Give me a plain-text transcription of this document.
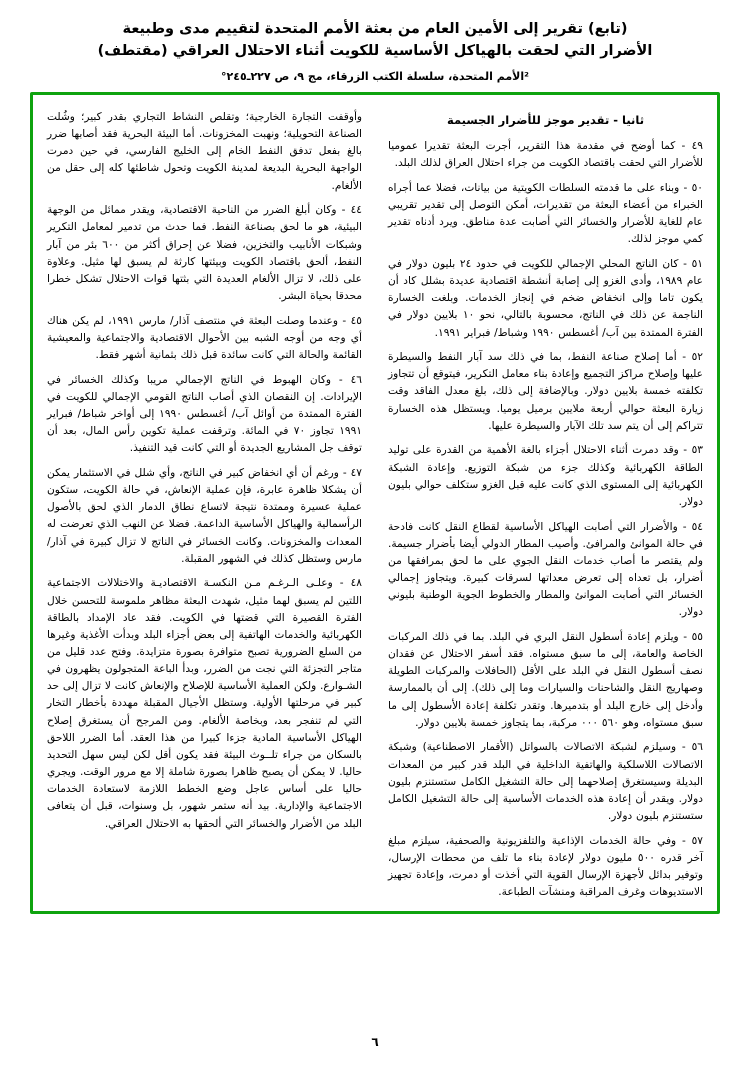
(تابع) تقرير إلى الأمين العام من بعثة الأمم المتحدة لتقييم مدى وطبيعة
الأضرار التي لحقت بالهياكل الأساسية للكويت أثناء الاحتلال العراقي (مقتطف)
²الأمم المتحدة، سلسلة الكتب الزرقاء، مج ٩، ص ٢٢٧ـ٢٤٥°
ثانيا - تقدير موجز للأضرار الجسيمة

٤٩ - كما أوضح في مقدمة هذا التقرير، أجرت البعثة تقديرا عموميا للأضرار التي لحقت باقتصاد الكويت من جراء احتلال العراق لذلك البلد.

٥٠ - وبناء على ما قدمته السلطات الكويتية من بيانات، فضلا عما أجراه الخبراء من أعضاء البعثة من تقديرات، أمكن التوصل إلى تقدير تقريبي عام للغاية للأضرار والخسائر التي أصابت عدة مناطق. ويرد أدناه تقدير كمي موجز لذلك.

٥١ - كان الناتج المحلي الإجمالي للكويت في حدود ٢٤ بليون دولار في عام ١٩٨٩، وأدى الغزو إلى إصابة أنشطة اقتصادية عديدة بشلل كاد أن يكون تاما وإلى انخفاض ضخم في إنجاز الخدمات. وبلغت الخسارة الناجمة عن ذلك في الناتج، محسوبة بالتالي، نحو ١٠ بلايين دولار في الفترة الممتدة بين آب/ أغسطس ١٩٩٠ وشباط/ فبراير ١٩٩١.

٥٢ - أما إصلاح صناعة النفط، بما في ذلك سد آبار النفط والسيطرة عليها وإصلاح مراكز التجميع وإعادة بناء معامل التكرير، فيتوقع أن تتجاوز تكلفته خمسة بلايين دولار. وبالإضافة إلى ذلك، بلغ معدل الفاقد وقت زيارة البعثة حوالي أربعة ملايين برميل يوميا. ويستظل هذه الخسارة تتراكم إلى أن يتم سد تلك الآبار والسيطرة عليها.

٥٣ - وقد دمرت أثناء الاحتلال أجزاء بالغة الأهمية من القدرة على توليد الطاقة الكهربائية وكذلك جزء من شبكة التوزيع. وإعادة الشبكة الكهربائية إلى المستوى الذي كانت عليه قبل الغزو ستكلف حوالي بليون دولار.

٥٤ - والأضرار التي أصابت الهياكل الأساسية لقطاع النقل كانت فادحة في حالة الموانئ والمرافئ. وأصيب المطار الدولي أيضا بأضرار جسيمة. ولم يقتصر ما أصاب خدمات النقل الجوي على ما لحق بمرافقها من أضرار، بل تعداه إلى تعرض معداتها لسرقات كبيرة. ويتجاوز إجمالي الخسائر التي أصابت الموانئ والمطار والخطوط الجوية الوطنية بليوني دولار.

٥٥ - ويلزم إعادة أسطول النقل البري في البلد. بما في ذلك المركبات الخاصة والعامة، إلى ما سبق مستواه. فقد أسفر الاحتلال عن فقدان نصف أسطول النقل في البلد على الأقل (الحافلات والمركبات الطويلة وصهاريج النقل والشاحنات والسيارات وما إلى ذلك). إلى أن بالممارسة وأدخل إلى خارج البلد أو بتدميرها. وتقدر تكلفة إعادة الأسطول إلى ما سبق مستواه، وهو ٥٦٠ ٠٠٠ مركبة، بما يتجاوز خمسة بلايين دولار.

٥٦ - وسيلزم لشبكة الاتصالات بالسواتل (الأقمار الاصطناعية) وشبكة الاتصالات اللاسلكية والهاتفية الداخلية في البلد قدر كبير من المعدات البديلة وسيستغرق إصلاحهما إلى حالة التشغيل الكامل ستستنزم بليون دولار. ويقدر أن إعادة هذه الخدمات الأساسية إلى حالة التشغيل الكامل ستستنزم بليون دولار.

٥٧ - وفي حالة الخدمات الإذاعية والتلفزيونية والصحفية، سيلزم مبلغ آخر قدره ٥٠٠ مليون دولار لإعادة بناء ما تلف من محطات الإرسال، وتوفير بدائل لأجهزة الإرسال القوية التي أخذت أو دمرت، وإعادة تجهيز الاستديوهات وغرف المراقبة ومنشآت الطباعة.

وأوقفت التجارة الخارجية؛ وتقلص النشاط التجاري بقدر كبير؛ وشُلت الصناعة التحويلية؛ ونهبت المخزونات. أما البيئة البحرية فقد أصابها ضرر بالغ بفعل تدفق النفط الخام إلى الخليج الفارسي، في حين دمرت الواجهة البحرية البديعة لمدينة الكويت وتحول شاطئها كله إلى حقل من الألغام.

٤٤ - وكان أبلغ الضرر من الناحية الاقتصادية، ويقدر ممائل من الوجهة البيئية، هو ما لحق بصناعة النفط. فما حدث من تدمير لمعامل التكرير وشبكات الأنابيب والتخزين، فضلا عن إحراق أكثر من ٦٠٠ بئر من آبار النفط، ألحق باقتصاد الكويت وبيئتها كارثة لم يسبق لها مثيل. وعلاوة على ذلك، لا تزال الألغام العديدة التي بثتها قوات الاحتلال تشكل خطرا محدقا بحياة البشر.

٤٥ - وعندما وصلت البعثة في منتصف آذار/ مارس ١٩٩١، لم يكن هناك أي وجه من أوجه الشبه بين الأحوال الاقتصادية والاجتماعية والمعيشية القائمة والحالة التي كانت سائدة قبل ذلك بثمانية أشهر فقط.

٤٦ - وكان الهبوط في الناتج الإجمالي مريبا وكذلك الخسائر في الإيرادات. إن النقصان الذي أصاب الناتج القومي الإجمالي للكويت في الفترة الممتدة من أوائل آب/ أغسطس ١٩٩٠ إلى أواخر شباط/ فبراير ١٩٩١ تجاوز ٧٠ في المائة. وترقفت عملية تكوين رأس المال، بعد أن توقف جل المشاريع الجديدة أو التي كانت قيد التنفيذ.

٤٧ - ورغم أن أي انخفاض كبير في الناتج، وأي شلل في الاستثمار يمكن أن يشكلا ظاهرة عابرة، فإن عملية الإنعاش، في حالة الكويت، ستكون عملية عسيرة وممتدة نتيجة لاتساع نطاق الدمار الذي لحق بالأصول الرأسمالية والهياكل الأساسية الداعمة. فضلا عن النهب الذي تعرضت له المعدات والمخزونات. وكانت الخسائر في الناتج لا تزال كبيرة في آذار/ مارس وستظل كذلك في الشهور المقبلة.

٤٨ - وعلـى الـرغـم مـن النكسـة الاقتصاديـة والاختلالات الاجتماعية اللتين لم يسبق لهما مثيل، شهدت البعثة مظاهر ملموسة للتحسن خلال الفترة القصيرة التي قضتها في الكويت. فقد عاد الإمداد بالطاقة الكهربائية والخدمات الهاتفية إلى بعض أجزاء البلد وبدأت الأغذية وغيرها من السلع الضرورية تصبح متوافرة بصورة متزايدة. وفتح عدد قليل من متاجر التجزئة التي نجت من الضرر، وبدأ الباعة المتجولون يظهرون في الشـوارع. ولكن العملية الأساسية للإصلاح والإنعاش كانت لا تزال إلى حد كبير في مرحلتها الأولية. وستظل الأجيال المقبلة مهددة بأخطار التخار التي لم تنفجر بعد، وبخاصة الألغام. ومن المرجح أن يستغرق إصلاح الهياكل الأساسية المادية جزءا كبيرا من هذا العقد. أما الضرر اللاحق بالسكان من جراء تلــوث البيئة فقد يكون أقل لكن ليس سهل التحديد حاليا. لا يمكن أن يصبح ظاهرا بصورة شاملة إلا مع مرور الوقت. ويجري حاليا على أساس عاجل وضع الخطط اللازمة لاستعادة الخدمات الاجتماعية والإدارية. بيد أنه ستمر شهور، بل وسنوات، قبل أن يتعافى البلد من الأضرار والخسائر التي ألحقها به الاحتلال العراقي.

٦
